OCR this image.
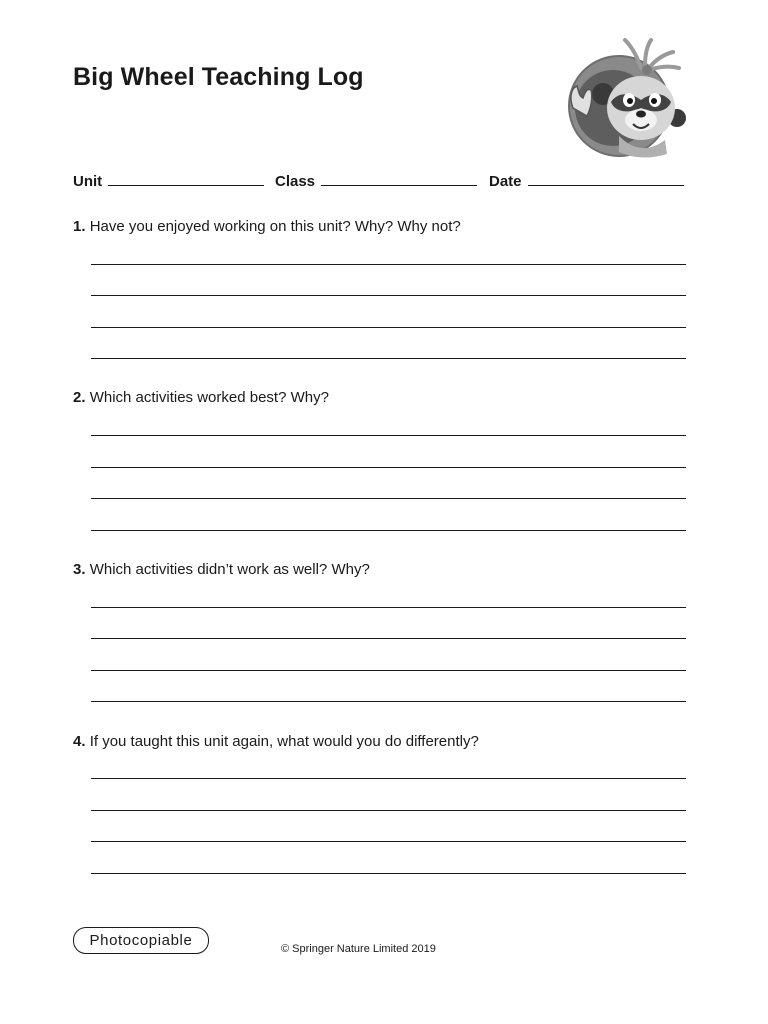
Big Wheel Teaching Log
Unit	Class	Date
1. Have you enjoyed working on this unit? Why? Why not?
2. Which activities worked best? Why?
3. Which activities didn’t work as well? Why?
4. If you taught this unit again, what would you do differently?
Photocopiable	© Springer Nature Limited 2019
